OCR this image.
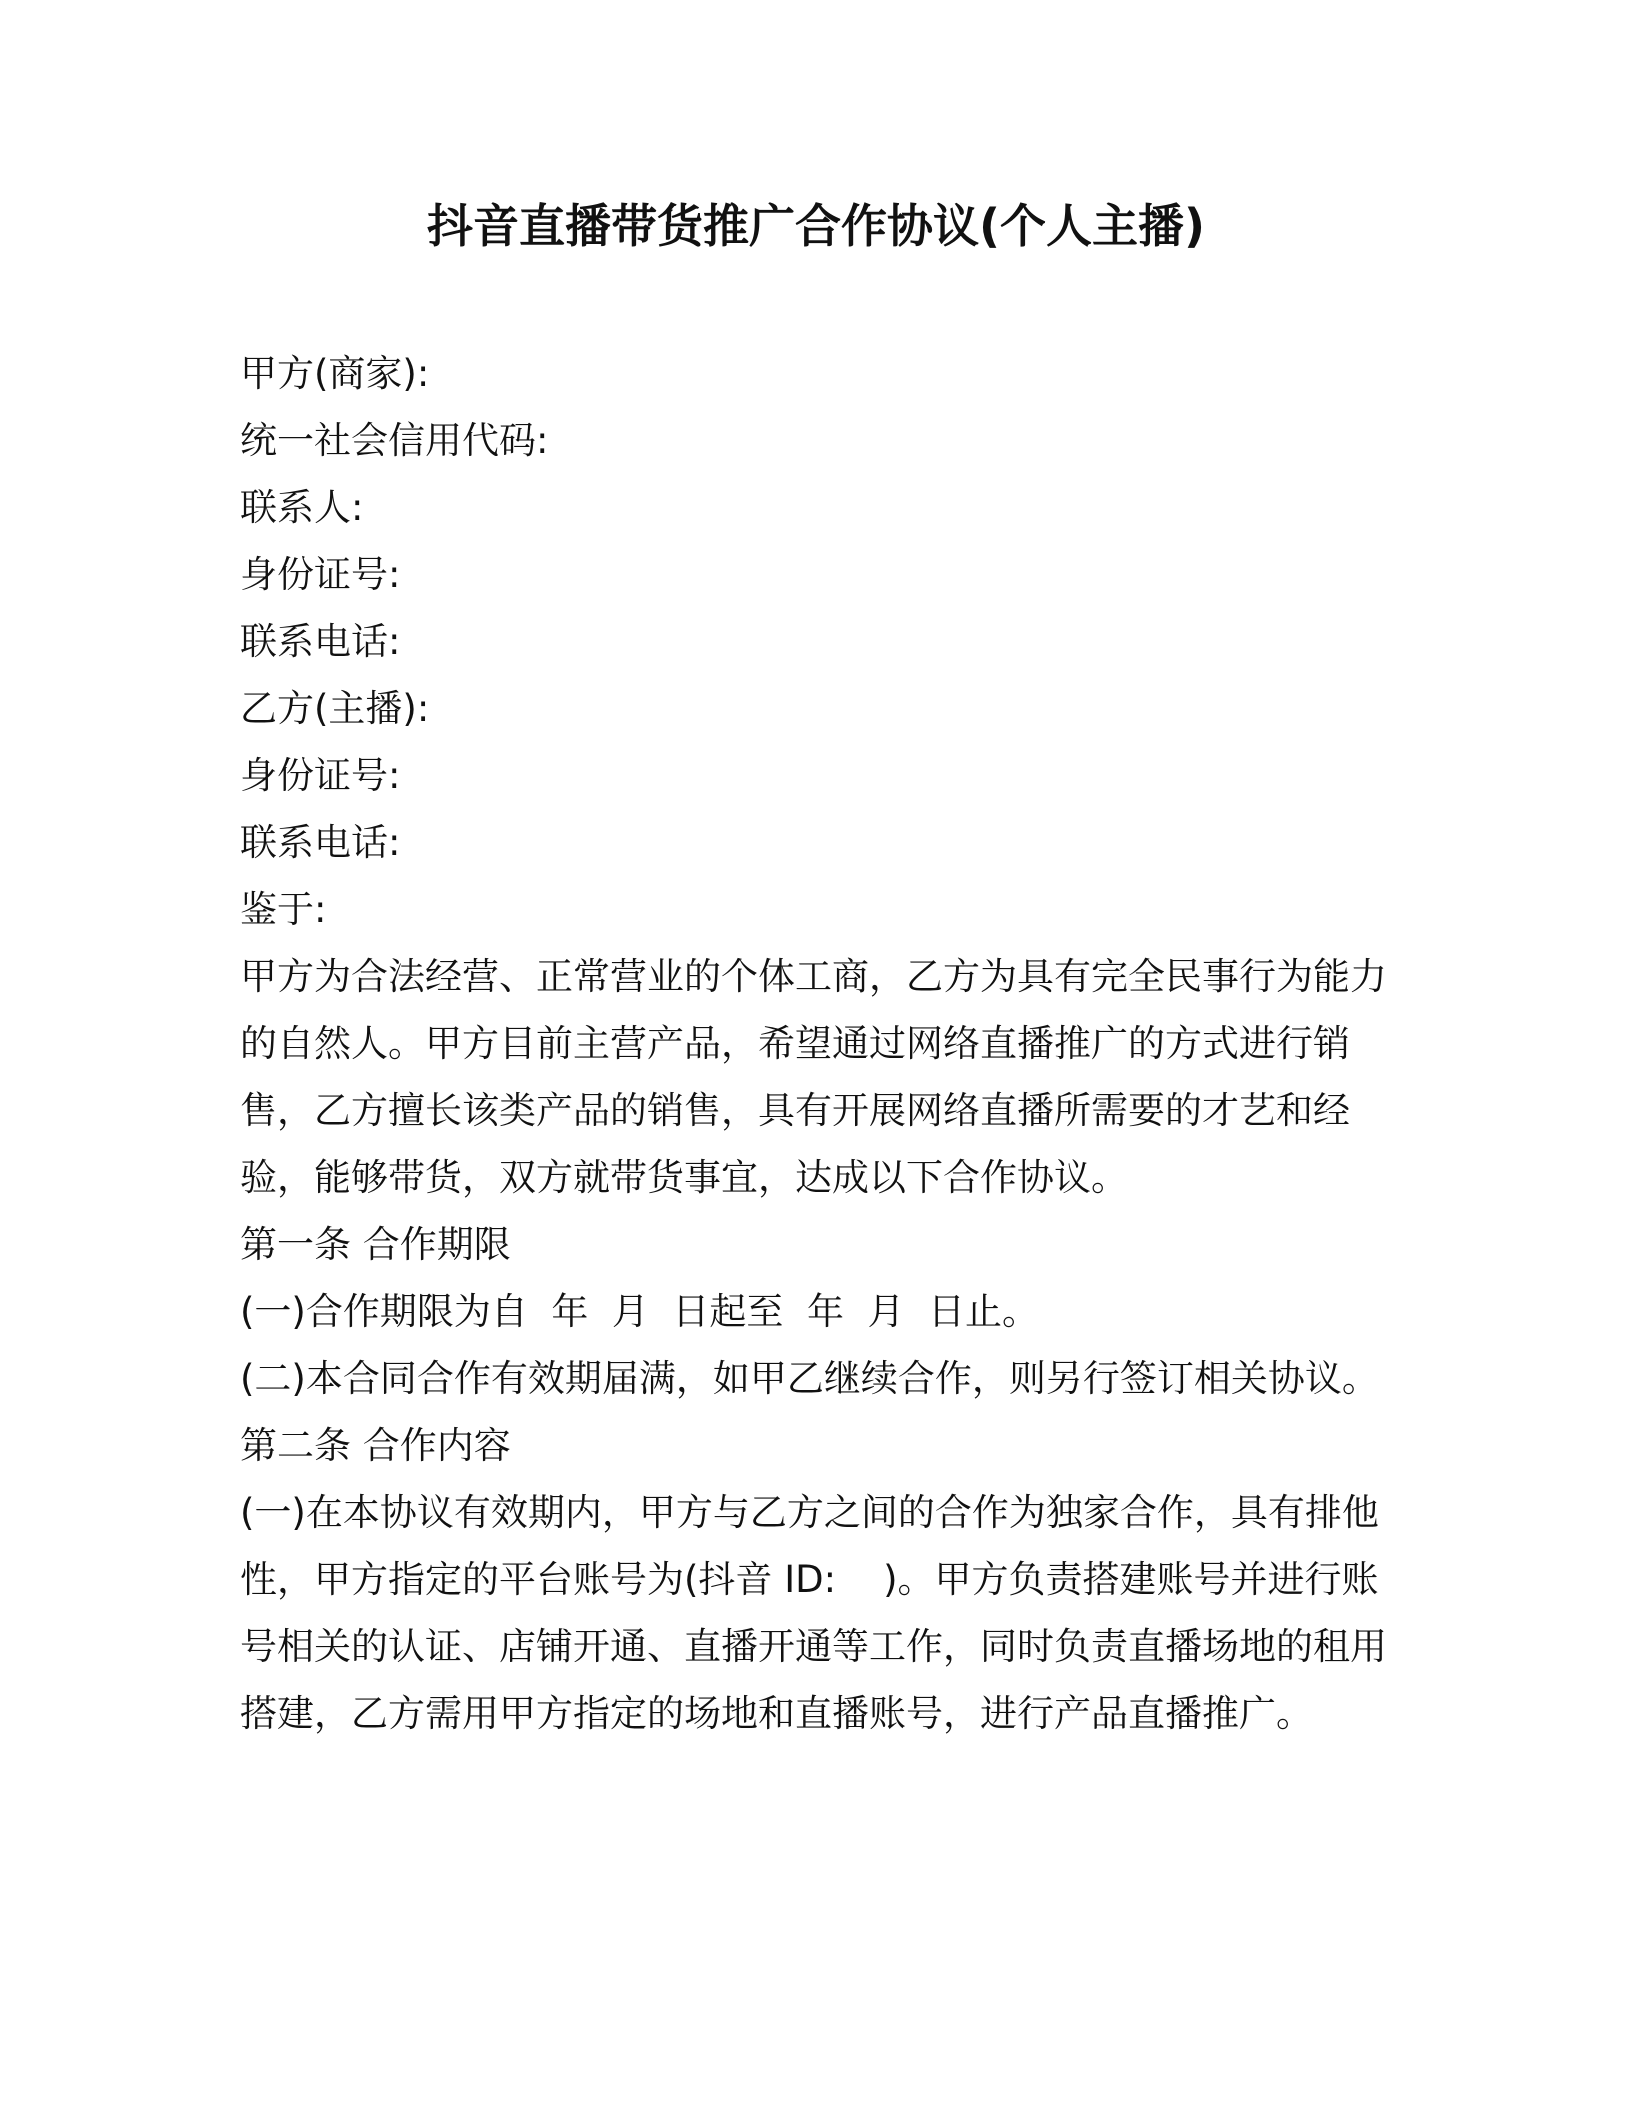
抖音直播带货推广合作协议(个人主播)

甲方(商家):

统一社会信用代码:

联系人:

身份证号:

联系电话:

乙方(主播):

身份证号:

联系电话:

鉴于:

甲方为合法经营、正常营业的个体工商，乙方为具有完全民事行为能力的自然人。甲方目前主营产品，希望通过网络直播推广的方式进行销售，乙方擅长该类产品的销售，具有开展网络直播所需要的才艺和经验，能够带货，双方就带货事宜，达成以下合作协议。

第一条 合作期限

(一)合作期限为自  年  月  日起至  年  月  日止。

(二)本合同合作有效期届满，如甲乙继续合作，则另行签订相关协议。

第二条 合作内容

(一)在本协议有效期内，甲方与乙方之间的合作为独家合作，具有排他性，甲方指定的平台账号为(抖音 ID:    )。甲方负责搭建账号并进行账号相关的认证、店铺开通、直播开通等工作，同时负责直播场地的租用搭建，乙方需用甲方指定的场地和直播账号，进行产品直播推广。
